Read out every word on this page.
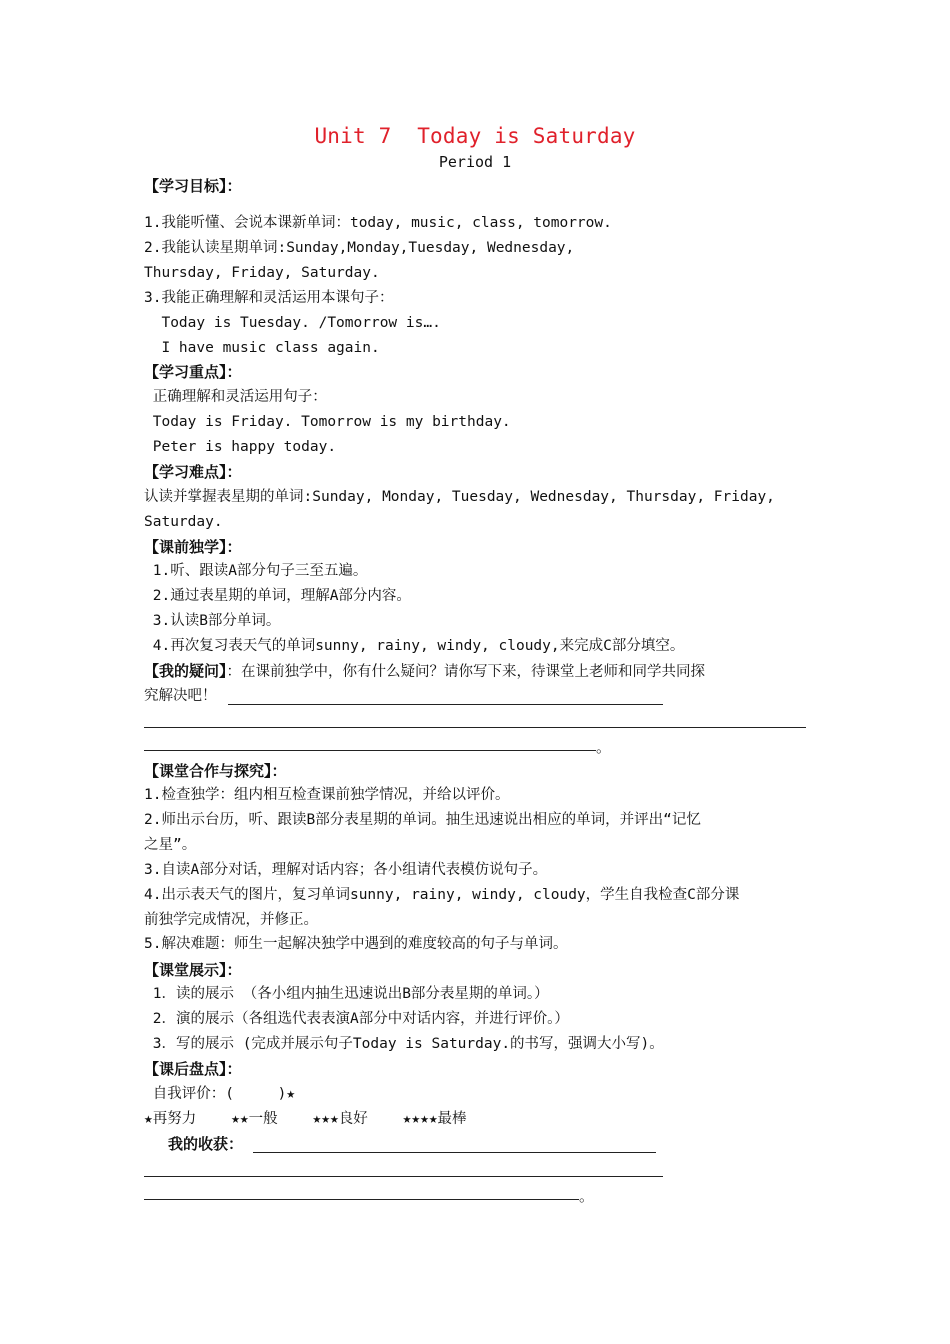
Unit 7  Today is Saturday
Period 1
【学习目标】：
1.我能听懂、会说本课新单词：today, music, class, tomorrow.
2.我能认读星期单词:Sunday,Monday,Tuesday, Wednesday,
Thursday, Friday, Saturday.
3.我能正确理解和灵活运用本课句子：
Today is Tuesday. /Tomorrow is….
I have music class again.
【学习重点】：
正确理解和灵活运用句子：
Today is Friday. Tomorrow is my birthday.
Peter is happy today.
【学习难点】：
认读并掌握表星期的单词:Sunday, Monday, Tuesday, Wednesday, Thursday, Friday,
Saturday.
【课前独学】：
1.听、跟读A部分句子三至五遍。
2.通过表星期的单词，理解A部分内容。
3.认读B部分单词。
4.再次复习表天气的单词sunny, rainy, windy, cloudy,来完成C部分填空。
【我的疑问】：在课前独学中，你有什么疑问？请你写下来，待课堂上老师和同学共同探
究解决吧！
。
【课堂合作与探究】：
1.检查独学：组内相互检查课前独学情况，并给以评价。
2.师出示台历，听、跟读B部分表星期的单词。抽生迅速说出相应的单词，并评出“记忆
之星”。
3.自读A部分对话，理解对话内容；各小组请代表模仿说句子。
4.出示表天气的图片，复习单词sunny, rainy, windy, cloudy，学生自我检查C部分课
前独学完成情况，并修正。
5.解决难题：师生一起解决独学中遇到的难度较高的句子与单词。
【课堂展示】：
1．读的展示 （各小组内抽生迅速说出B部分表星期的单词。）
2．演的展示（各组选代表表演A部分中对话内容，并进行评价。）
3．写的展示 (完成并展示句子Today is Saturday.的书写，强调大小写)。
【课后盘点】：
自我评价：(     )★
★再努力    ★★一般    ★★★良好    ★★★★最棒
我的收获：
。
